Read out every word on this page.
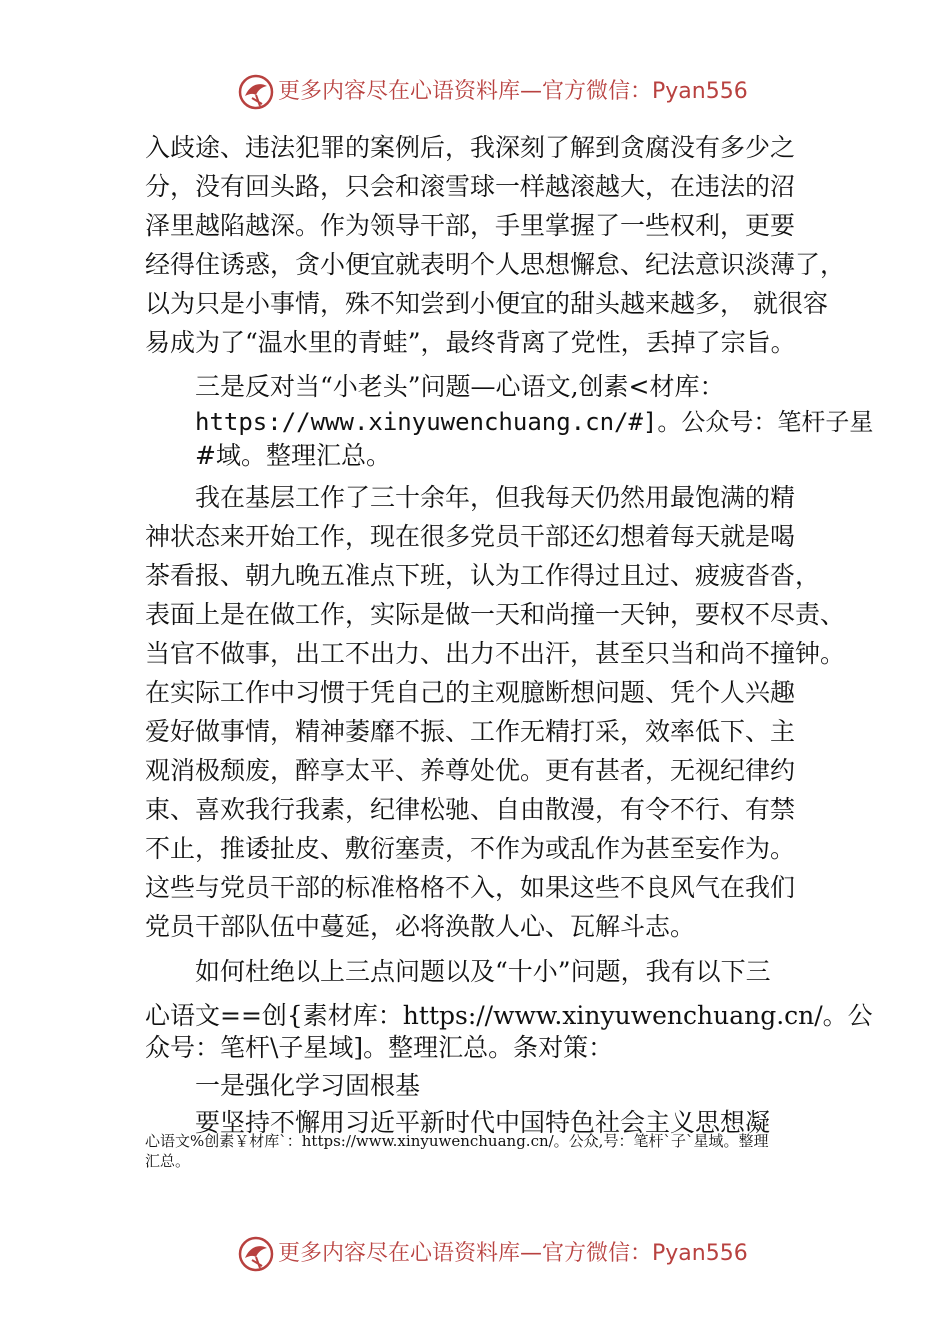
更多内容尽在心语资料库—官方微信：Pyan556
入歧途、违法犯罪的案例后，我深刻了解到贪腐没有多少之
分，没有回头路，只会和滚雪球一样越滚越大，在违法的沼
泽里越陷越深。作为领导干部，手里掌握了一些权利，更要
经得住诱惑，贪小便宜就表明个人思想懈怠、纪法意识淡薄了，
以为只是小事情，殊不知尝到小便宜的甜头越来越多， 就很容
易成为了“温水里的青蛙”，最终背离了党性，丢掉了宗旨。
三是反对当“小老头”问题—心语文,创素<材库：
https://www.xinyuwenchuang.cn/#]。公众号：笔杆子星
#域。整理汇总。
我在基层工作了三十余年，但我每天仍然用最饱满的精
神状态来开始工作，现在很多党员干部还幻想着每天就是喝
茶看报、朝九晚五准点下班，认为工作得过且过、疲疲沓沓，
表面上是在做工作，实际是做一天和尚撞一天钟，要权不尽责、
当官不做事，出工不出力、出力不出汗，甚至只当和尚不撞钟。
在实际工作中习惯于凭自己的主观臆断想问题、凭个人兴趣
爱好做事情，精神萎靡不振、工作无精打采，效率低下、主
观消极颓废，醉享太平、养尊处优。更有甚者，无视纪律约
束、喜欢我行我素，纪律松驰、自由散漫，有令不行、有禁
不止，推诿扯皮、敷衍塞责，不作为或乱作为甚至妄作为。
这些与党员干部的标准格格不入，如果这些不良风气在我们
党员干部队伍中蔓延，必将涣散人心、瓦解斗志。
如何杜绝以上三点问题以及“十小”问题，我有以下三
心语文==创{素材库：https://www.xinyuwenchuang.cn/。公
众号：笔杆\子星域]。整理汇总。条对策：
一是强化学习固根基
要坚持不懈用习近平新时代中国特色社会主义思想凝
心语文%创素￥材库`：https://www.xinyuwenchuang.cn/。公众,号：笔杆`子`星域。整理
汇总。
更多内容尽在心语资料库—官方微信：Pyan556
